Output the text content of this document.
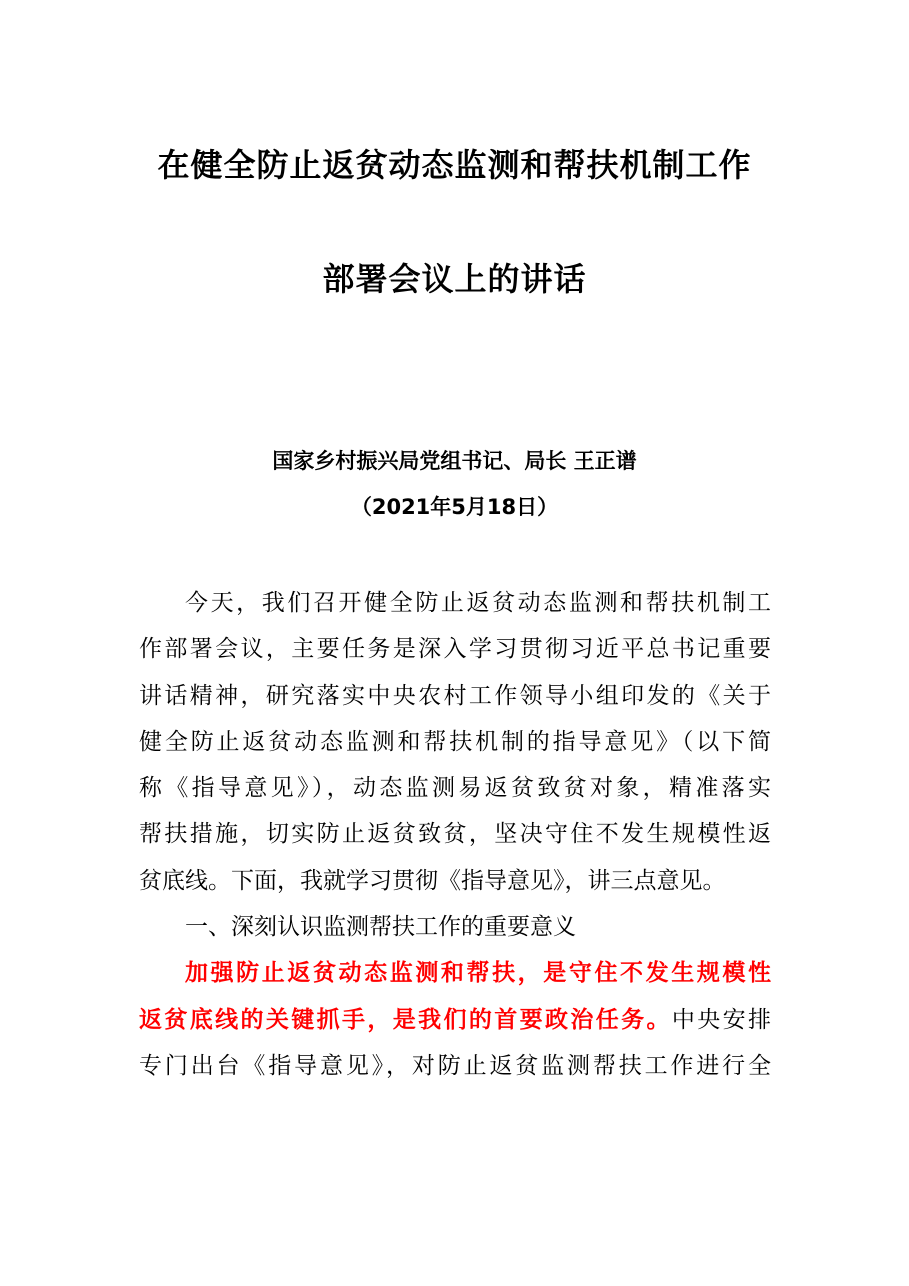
在健全防止返贫动态监测和帮扶机制工作
部署会议上的讲话
国家乡村振兴局党组书记、局长 王正谱
（2021年5月18日）
今天，我们召开健全防止返贫动态监测和帮扶机制工
作部署会议，主要任务是深入学习贯彻习近平总书记重要
讲话精神，研究落实中央农村工作领导小组印发的《关于
健全防止返贫动态监测和帮扶机制的指导意见》（以下简
称《指导意见》），动态监测易返贫致贫对象，精准落实
帮扶措施，切实防止返贫致贫，坚决守住不发生规模性返
贫底线。下面，我就学习贯彻《指导意见》，讲三点意见。
一、深刻认识监测帮扶工作的重要意义
加强防止返贫动态监测和帮扶，是守住不发生规模性
返贫底线的关键抓手，是我们的首要政治任务。中央安排
专门出台《指导意见》，对防止返贫监测帮扶工作进行全
